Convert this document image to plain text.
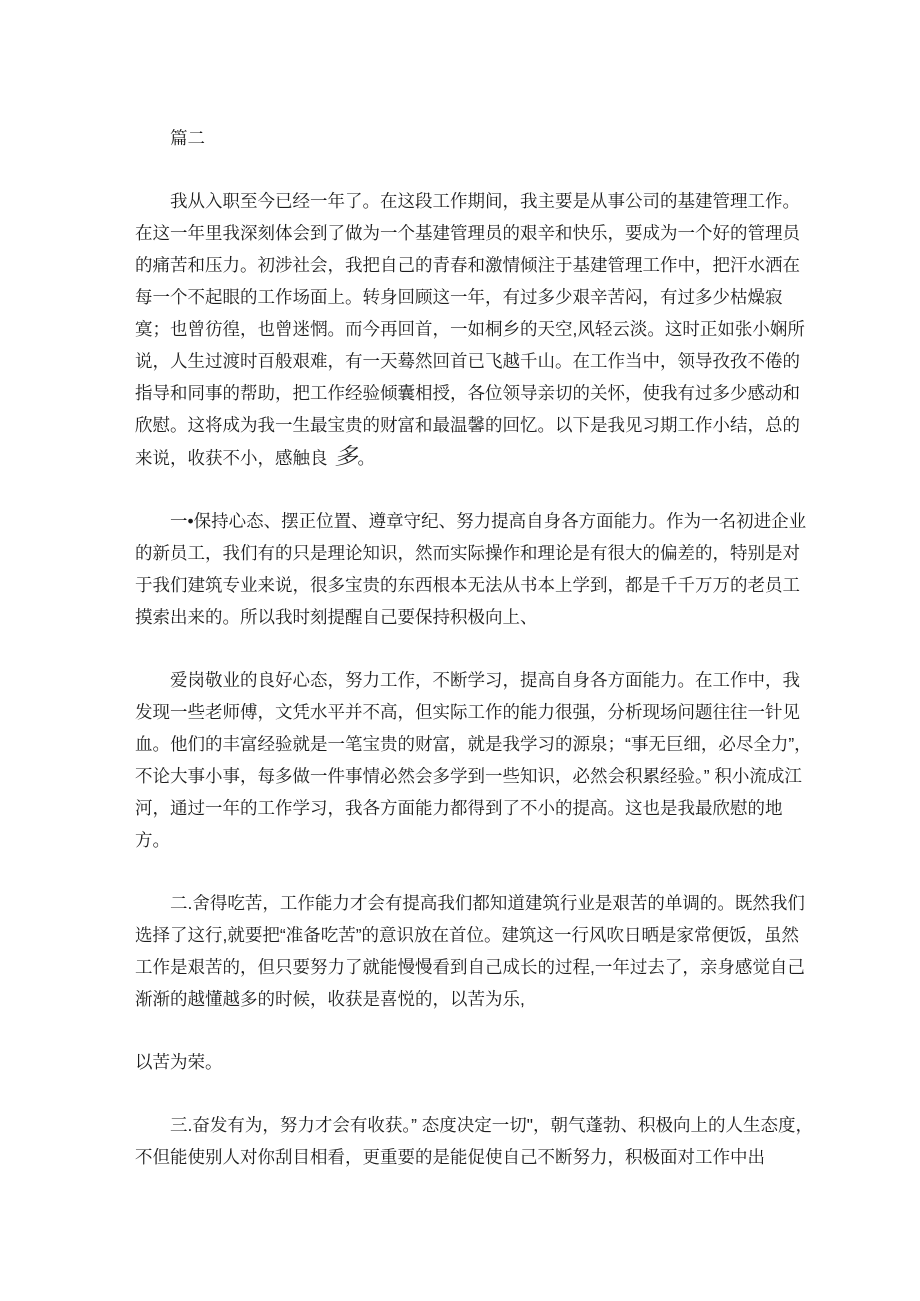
篇二

我从入职至今已经一年了。在这段工作期间，我主要是从事公司的基建管理工作。在这一年里我深刻体会到了做为一个基建管理员的艰辛和快乐，要成为一个好的管理员的痛苦和压力。初涉社会，我把自己的青春和激情倾注于基建管理工作中，把汗水洒在每一个不起眼的工作场面上。转身回顾这一年，有过多少艰辛苦闷，有过多少枯燥寂寞；也曾彷徨，也曾迷惘。而今再回首，一如桐乡的天空,风轻云淡。这时正如张小娴所说，人生过渡时百般艰难，有一天蓦然回首已飞越千山。在工作当中，领导孜孜不倦的指导和同事的帮助，把工作经验倾囊相授，各位领导亲切的关怀，使我有过多少感动和欣慰。这将成为我一生最宝贵的财富和最温馨的回忆。以下是我见习期工作小结，总的来说，收获不小，感触良 多。

一•保持心态、摆正位置、遵章守纪、努力提高自身各方面能力。作为一名初进企业的新员工，我们有的只是理论知识，然而实际操作和理论是有很大的偏差的，特别是对于我们建筑专业来说，很多宝贵的东西根本无法从书本上学到，都是千千万万的老员工摸索出来的。所以我时刻提醒自己要保持积极向上、

爱岗敬业的良好心态，努力工作，不断学习，提高自身各方面能力。在工作中，我发现一些老师傅，文凭水平并不高，但实际工作的能力很强，分析现场问题往往一针见血。他们的丰富经验就是一笔宝贵的财富，就是我学习的源泉；“事无巨细，必尽全力”，不论大事小事，每多做一件事情必然会多学到一些知识，必然会积累经验。” 积小流成江河，通过一年的工作学习，我各方面能力都得到了不小的提高。这也是我最欣慰的地方。

二.舍得吃苦，工作能力才会有提高我们都知道建筑行业是艰苦的单调的。既然我们选择了这行,就要把“准备吃苦”的意识放在首位。建筑这一行风吹日晒是家常便饭，虽然工作是艰苦的，但只要努力了就能慢慢看到自己成长的过程,一年过去了，亲身感觉自己渐渐的越懂越多的时候，收获是喜悦的，以苦为乐,

以苦为荣。

三.奋发有为，努力才会有收获。” 态度决定一切"，朝气蓬勃、积极向上的人生态度，不但能使别人对你刮目相看，更重要的是能促使自己不断努力，积极面对工作中出
